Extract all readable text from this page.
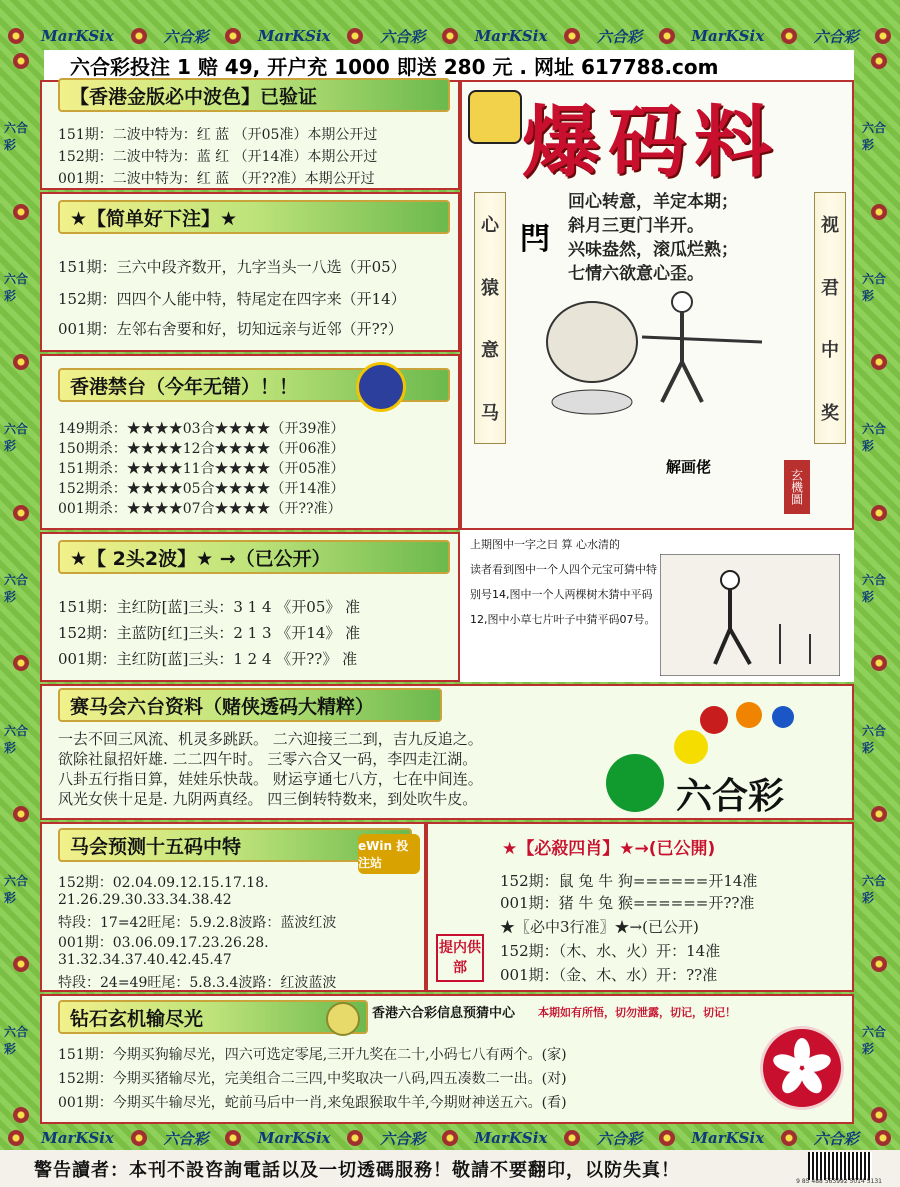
MarKSix	六合彩	MarKSix	六合彩	MarKSix	六合彩	MarKSix	六合彩
MarKSix	六合彩	MarKSix	六合彩	MarKSix	六合彩	MarKSix	六合彩
六合彩
六合彩
六合彩
六合彩
六合彩
六合彩
六合彩
六合彩
六合彩
六合彩
六合彩
六合彩
六合彩
六合彩
六合彩投注 1 赔 49, 开户充 1000 即送 280 元 . 网址 617788.com
【香港金版必中波色】已验证
151期：二波中特为：红 蓝 （开05准）本期公开过
152期：二波中特为：蓝 红 （开14准）本期公开过
001期：二波中特为：红 蓝 （开??准）本期公开过
★【简单好下注】★
151期：三六中段齐数开，九字当头一八选（开05）
152期：四四个人能中特，特尾定在四字来（开14）
001期：左邻右舍要和好，切知远亲与近邻（开??）
香港禁台（今年无错）！！
149期杀：★★★★03合★★★★（开39准）
150期杀：★★★★12合★★★★（开06准）
151期杀：★★★★11合★★★★（开05准）
152期杀：★★★★05合★★★★（开14准）
001期杀：★★★★07合★★★★（开??准）
★【 2头2波】★ →（已公开）
151期：主红防[蓝]三头：3 1 4 《开05》 准
152期：主蓝防[红]三头：2 1 3 《开14》 准
001期：主红防[蓝]三头：1 2 4 《开??》 准
爆码料
心
猿
意
马
视
君
中
奖
閂
回心转意，羊定本期；
斜月三更门半开。
兴味盎然，滚瓜烂熟；
七情六欲意心歪。
解画佬
玄機圖
上期图中一字之曰 算 心水清的
读者看到图中一个人四个元宝可猜中特
别号14,图中一个人两棵树木猜中平码
12,图中小草七片叶子中猜平码07号。
赛马会六台资料（赌侠透码大精粹）
一去不回三风流、机灵多跳跃。 二六迎接三二到，吉九反追之。
欲除社鼠招奸雄. 二二四午时。 三零六合又一码，李四走江湖。
八卦五行指日算，娃娃乐快哉。 财运亨通七八方，七在中间连。
风光女侠十足是. 九阴两真经。 四三倒转特数来，到处吹牛皮。	六合彩
马会预测十五码中特	eWin 投注站
152期：02.04.09.12.15.17.18.
21.26.29.30.33.34.38.42
特段：17=42旺尾：5.9.2.8波路：蓝波红波
001期：03.06.09.17.23.26.28.
31.32.34.37.40.42.45.47
特段：24=49旺尾：5.8.3.4波路：红波蓝波
★【必殺四肖】★→(已公開)
152期：鼠 兔 牛 狗======开14准
001期：猪 牛 兔 猴======开??准
★〖必中3行准〗★→(已公开)
152期：（木、水、火）开：14准
001期：（金、木、水）开：??准
提内供部
钻石玄机输尽光	香港六合彩信息预猜中心 本期如有所悟，切勿泄露，切记，切记！
151期：今期买狗输尽光，四六可选定零尾,三开九奖在二十,小码七八有两个。(家)
152期：今期买猪输尽光，完美组合二三四,中奖取决一八码,四五凑数二一出。(对)
001期：今期买牛输尽光，蛇前马后中一肖,来兔跟猴取牛羊,今期财神送五六。(看)
警告讀者：本刊不設咨詢電話以及一切透碼服務！敬請不要翻印，以防失真！
9 85 488 563992 5014 5131
